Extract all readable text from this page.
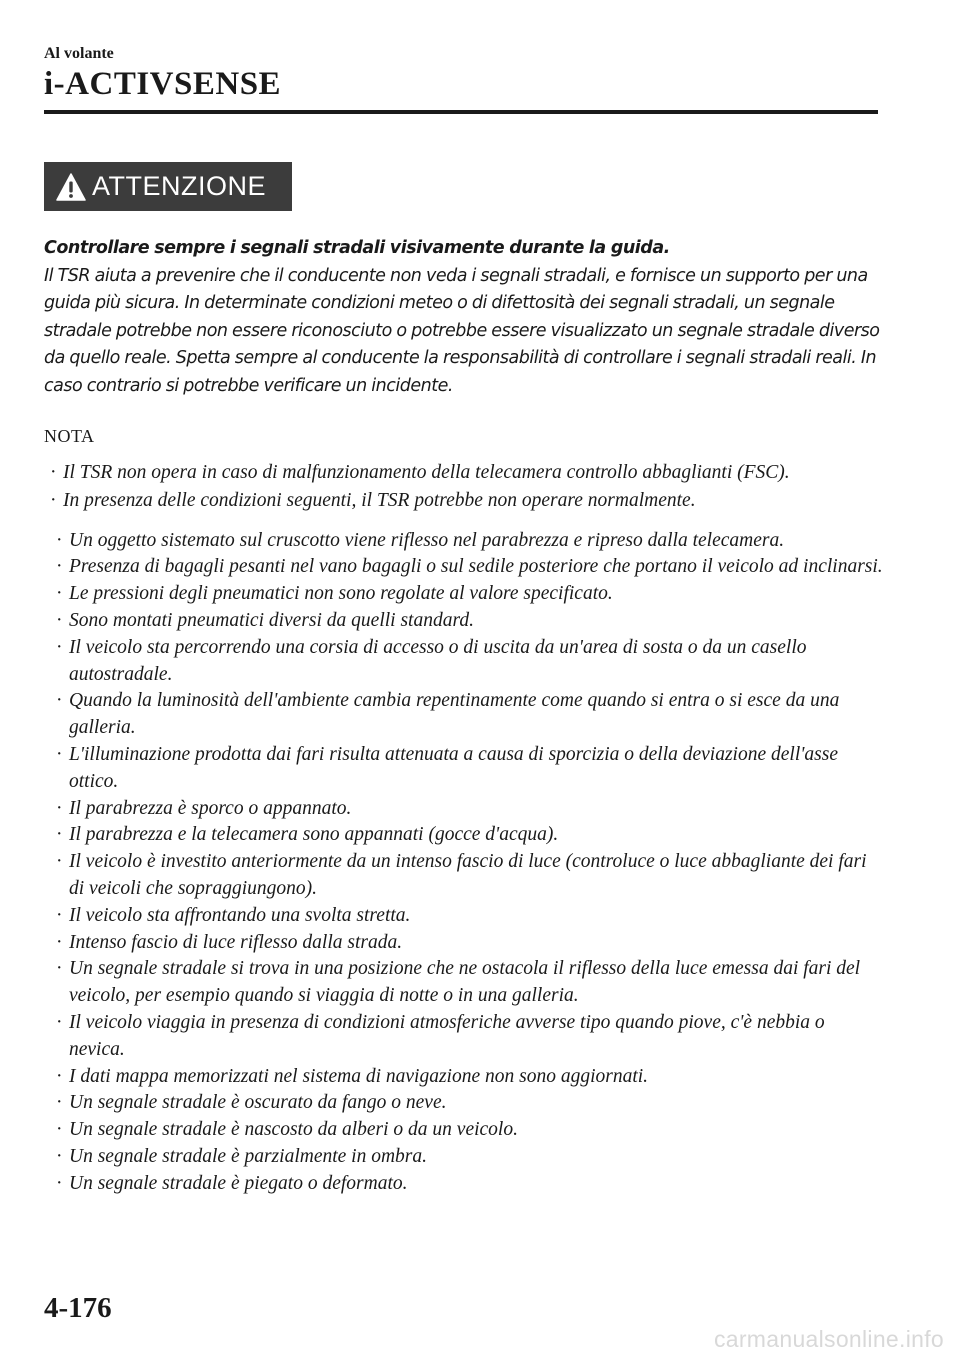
Al volante
i-ACTIVSENSE
ATTENZIONE
Controllare sempre i segnali stradali visivamente durante la guida.
Il TSR aiuta a prevenire che il conducente non veda i segnali stradali, e fornisce un supporto per una guida più sicura. In determinate condizioni meteo o di difettosità dei segnali stradali, un segnale stradale potrebbe non essere riconosciuto o potrebbe essere visualizzato un segnale stradale diverso da quello reale. Spetta sempre al conducente la responsabilità di controllare i segnali stradali reali. In caso contrario si potrebbe verificare un incidente.
NOTA
· Il TSR non opera in caso di malfunzionamento della telecamera controllo abbaglianti (FSC).
· In presenza delle condizioni seguenti, il TSR potrebbe non operare normalmente.
· Un oggetto sistemato sul cruscotto viene riflesso nel parabrezza e ripreso dalla telecamera.
· Presenza di bagagli pesanti nel vano bagagli o sul sedile posteriore che portano il veicolo ad inclinarsi.
· Le pressioni degli pneumatici non sono regolate al valore specificato.
· Sono montati pneumatici diversi da quelli standard.
· Il veicolo sta percorrendo una corsia di accesso o di uscita da un'area di sosta o da un casello autostradale.
· Quando la luminosità dell'ambiente cambia repentinamente come quando si entra o si esce da una galleria.
· L'illuminazione prodotta dai fari risulta attenuata a causa di sporcizia o della deviazione dell'asse ottico.
· Il parabrezza è sporco o appannato.
· Il parabrezza e la telecamera sono appannati (gocce d'acqua).
· Il veicolo è investito anteriormente da un intenso fascio di luce (controluce o luce abbagliante dei fari di veicoli che sopraggiungono).
· Il veicolo sta affrontando una svolta stretta.
· Intenso fascio di luce riflesso dalla strada.
· Un segnale stradale si trova in una posizione che ne ostacola il riflesso della luce emessa dai fari del veicolo, per esempio quando si viaggia di notte o in una galleria.
· Il veicolo viaggia in presenza di condizioni atmosferiche avverse tipo quando piove, c'è nebbia o nevica.
· I dati mappa memorizzati nel sistema di navigazione non sono aggiornati.
· Un segnale stradale è oscurato da fango o neve.
· Un segnale stradale è nascosto da alberi o da un veicolo.
· Un segnale stradale è parzialmente in ombra.
· Un segnale stradale è piegato o deformato.
4-176
carmanualsonline.info
